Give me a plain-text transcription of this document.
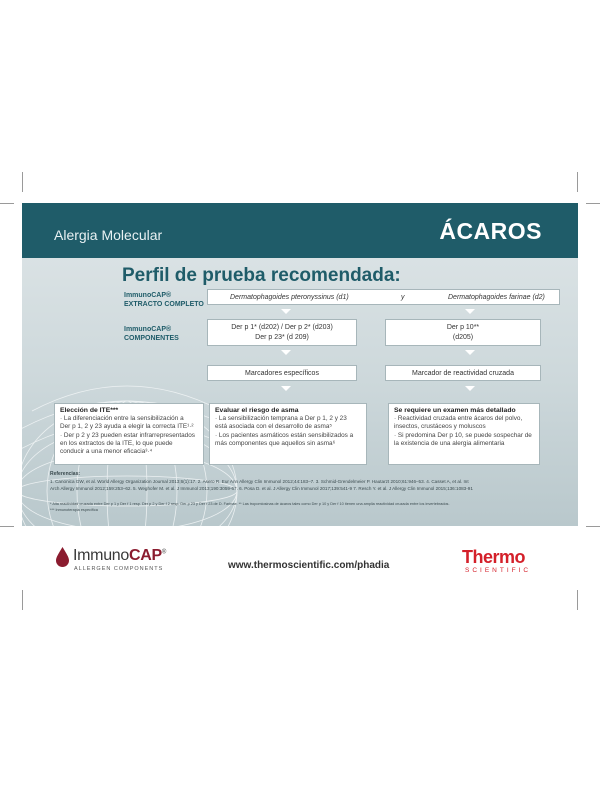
Alergia Molecular	ÁCAROS
Perfil de prueba recomendada:
ImmunoCAP®
EXTRACTO COMPLETO
Dermatophagoides pteronyssinus (d1)	y	Dermatophagoides farinae (d2)
ImmunoCAP®
COMPONENTES
Der p 1* (d202) / Der p 2* (d203)
Der p 23* (d 209)
Der p 10**
(d205)
Marcadores específicos	Marcador de reactividad cruzada
Elección de ITE***
· La diferenciación entre la sensibilización a
Der p 1, 2 y 23 ayuda a elegir la correcta ITE¹·²
· Der p 2 y 23 pueden estar infrarrepresentados
en los extractos de la ITE, lo que puede
conducir a una menor eficacia³·⁴
Evaluar el riesgo de asma
· La sensibilización temprana a Der p 1, 2 y 23
está asociada con el desarrollo de asma⁵
· Los pacientes asmáticos están sensibilizados a
más componentes que aquellos sin asma⁶
Se requiere un examen más detallado
· Reactividad cruzada entre ácaros del polvo,
insectos, crustáceos y moluscos
· Si predomina Der p 10, se puede sospechar de
la existencia de una alergia alimentaria
Referencias:
1. Canonica GW, et al. World Allergy Organization Journal 2013;6(1):17. 2. Asero R. Eur Ann Allergy Clin Immunol 2012;44:183–7. 3. Schmid-Grendelmeier P. Hautarzt 2010;61:946–53. 4. Casset A, et al. Int
Arch Allergy Immunol 2012;159:253–62. 5. Weghofer M. et al. J Immunol 2013;190:3059-67. 6. Posa D. et al. J Allergy Clin Immunol 2017;139:541-9 7. Resch Y. et al. J Allergy Clin Immunol 2015;136:1083-91
* Alta reactividad cruzada entre Der p 1 y Der f 1 resp. Der p 2 y Der f 2 resp. Der p 23 y Der f 23 de D. Farinae. ** Las tropomiosinas de ácaros tales como Der p 10 y Der f 10 tienen una amplia reactividad cruzada entre los invertebrados.
*** Inmunoterapia específica
ImmunoCAP®
ALLERGEN COMPONENTS	www.thermoscientific.com/phadia	Thermo
SCIENTIFIC
